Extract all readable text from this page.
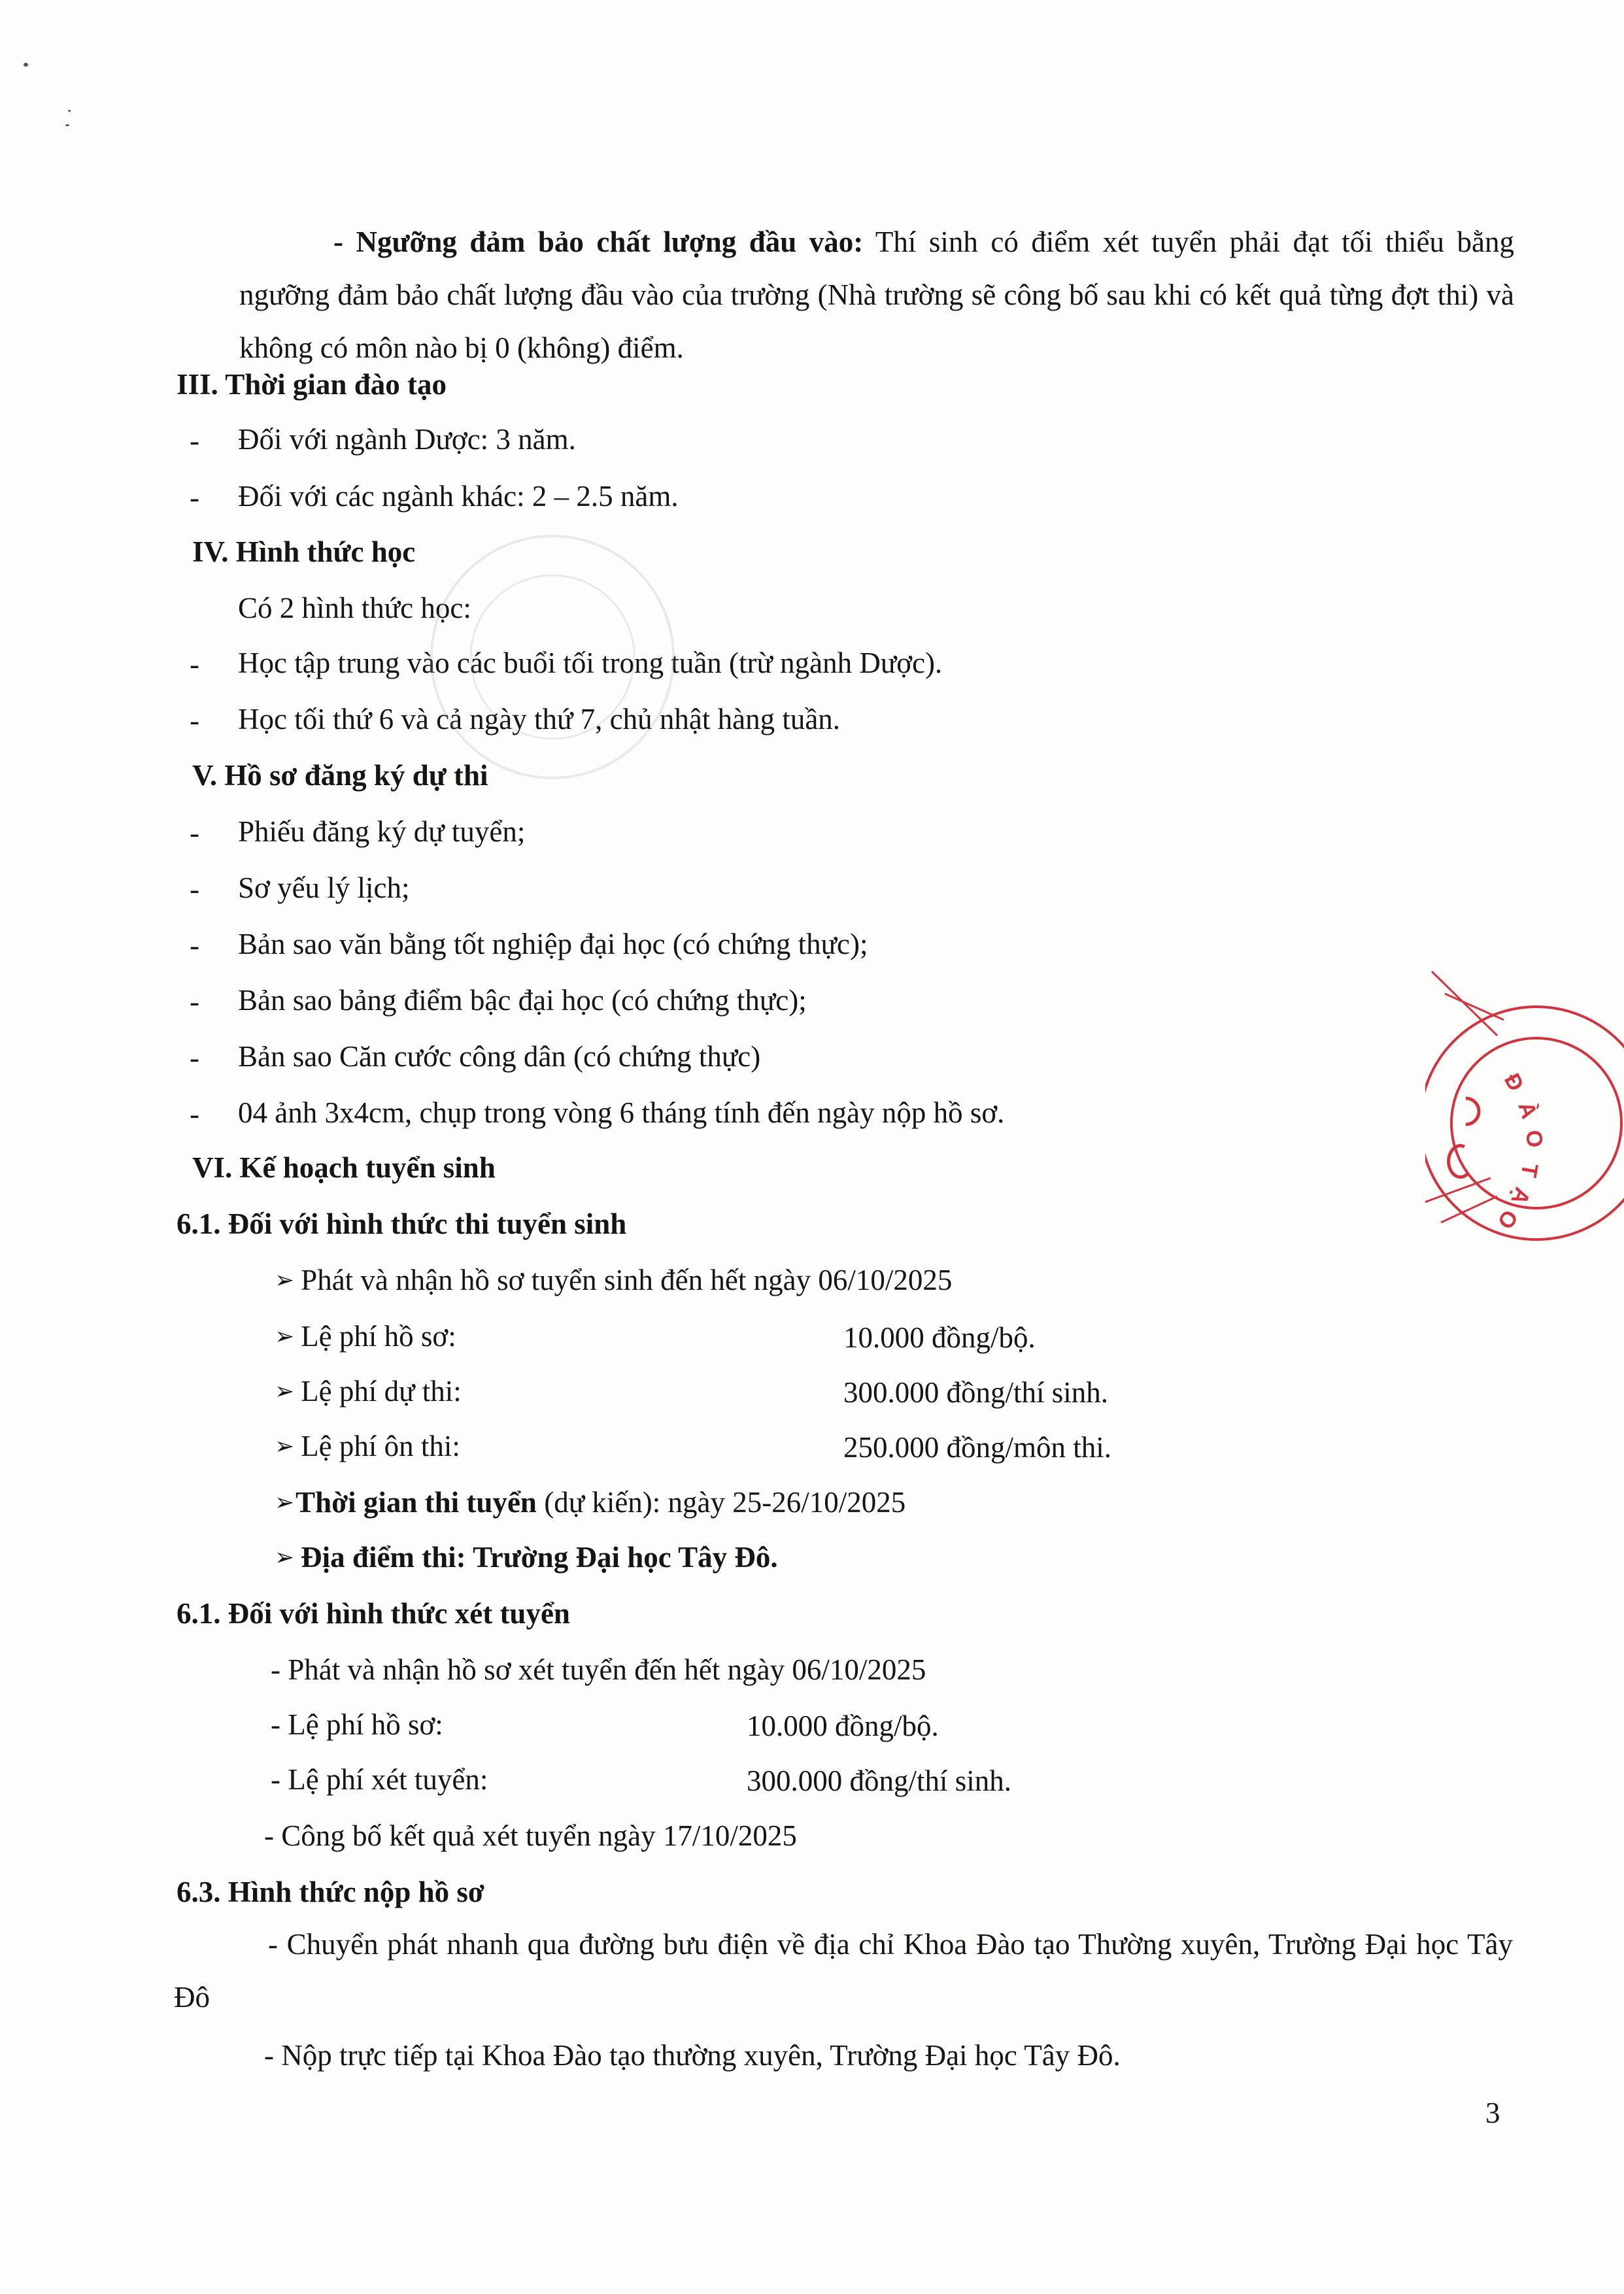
- Ngưỡng đảm bảo chất lượng đầu vào: Thí sinh có điểm xét tuyển phải đạt tối thiểu bằng ngưỡng đảm bảo chất lượng đầu vào của trường (Nhà trường sẽ công bố sau khi có kết quả từng đợt thi) và không có môn nào bị 0 (không) điểm.
III. Thời gian đào tạo
- Đối với ngành Dược: 3 năm.
- Đối với các ngành khác: 2 – 2.5 năm.
IV. Hình thức học
Có 2 hình thức học:
- Học tập trung vào các buổi tối trong tuần (trừ ngành Dược).
- Học tối thứ 6 và cả ngày thứ 7, chủ nhật hàng tuần.
V. Hồ sơ đăng ký dự thi
- Phiếu đăng ký dự tuyển;
- Sơ yếu lý lịch;
- Bản sao văn bằng tốt nghiệp đại học (có chứng thực);
- Bản sao bảng điểm bậc đại học (có chứng thực);
- Bản sao Căn cước công dân (có chứng thực)
- 04 ảnh 3x4cm, chụp trong vòng 6 tháng tính đến ngày nộp hồ sơ.
VI. Kế hoạch tuyển sinh
6.1. Đối với hình thức thi tuyển sinh
➢ Phát và nhận hồ sơ tuyển sinh đến hết ngày 06/10/2025
➢ Lệ phí hồ sơ:	10.000 đồng/bộ.
➢ Lệ phí dự thi:	300.000 đồng/thí sinh.
➢ Lệ phí ôn thi:	250.000 đồng/môn thi.
➢Thời gian thi tuyển (dự kiến): ngày 25-26/10/2025
➢ Địa điểm thi: Trường Đại học Tây Đô.
6.1. Đối với hình thức xét tuyển
- Phát và nhận hồ sơ xét tuyển đến hết ngày 06/10/2025
- Lệ phí hồ sơ:	10.000 đồng/bộ.
- Lệ phí xét tuyển:	300.000 đồng/thí sinh.
- Công bố kết quả xét tuyển ngày 17/10/2025
6.3. Hình thức nộp hồ sơ
- Chuyển phát nhanh qua đường bưu điện về địa chỉ Khoa Đào tạo Thường xuyên, Trường Đại học Tây Đô
- Nộp trực tiếp tại Khoa Đào tạo thường xuyên, Trường Đại học Tây Đô.
3
Đ
À
O
T
Ạ
O
